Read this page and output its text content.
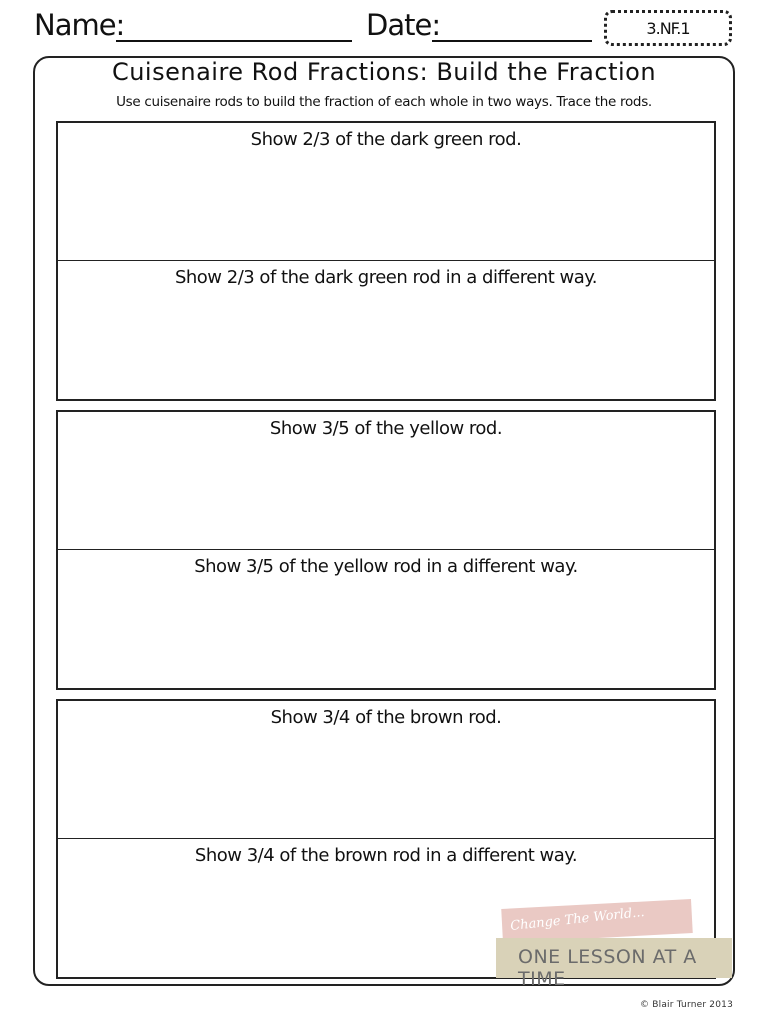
Name:	Date:	3.NF.1
Cuisenaire Rod Fractions: Build the Fraction
Use cuisenaire rods to build the fraction of each whole in two ways. Trace the rods.
Show 2/3 of the dark green rod.
Show 2/3 of the dark green rod in a different way.
Show 3/5 of the yellow rod.
Show 3/5 of the yellow rod in a different way.
Show 3/4 of the brown rod.
Show 3/4 of the brown rod in a different way.
Change The World...
ONE LESSON AT A TIME
© Blair Turner 2013
